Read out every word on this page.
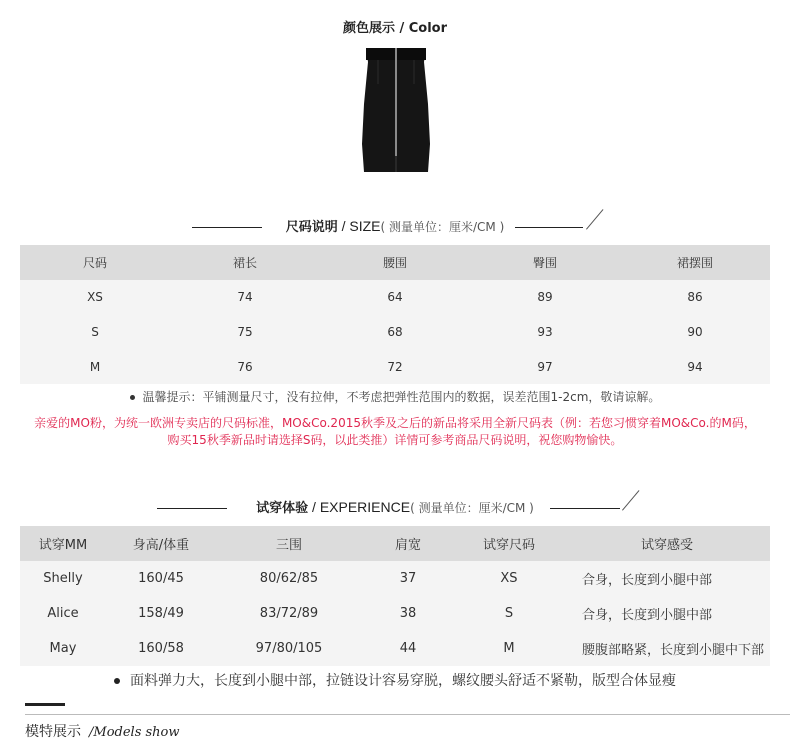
颜色展示 / Color
尺码说明 / SIZE( 测量单位：厘米/CM )
尺码	裙长	腰围	臀围	裙摆围
XS	74	64	89	86
S	75	68	93	90
M	76	72	97	94
温馨提示：平铺测量尺寸，没有拉伸，不考虑把弹性范围内的数据，误差范围1-2cm，敬请谅解。
亲爱的MO粉，为统一欧洲专卖店的尺码标准，MO&Co.2015秋季及之后的新品将采用全新尺码表（例：若您习惯穿着MO&Co.的M码，
购买15秋季新品时请选择S码，以此类推）详情可参考商品尺码说明，祝您购物愉快。
试穿体验 / EXPERIENCE( 测量单位：厘米/CM )
试穿MM	身高/体重	三围	肩宽	试穿尺码	试穿感受
Shelly	160/45	80/62/85	37	XS	合身，长度到小腿中部
Alice	158/49	83/72/89	38	S	合身，长度到小腿中部
May	160/58	97/80/105	44	M	腰腹部略紧，长度到小腿中下部
面料弹力大，长度到小腿中部，拉链设计容易穿脱，螺纹腰头舒适不紧勒，版型合体显瘦
模特展示 /Models show
